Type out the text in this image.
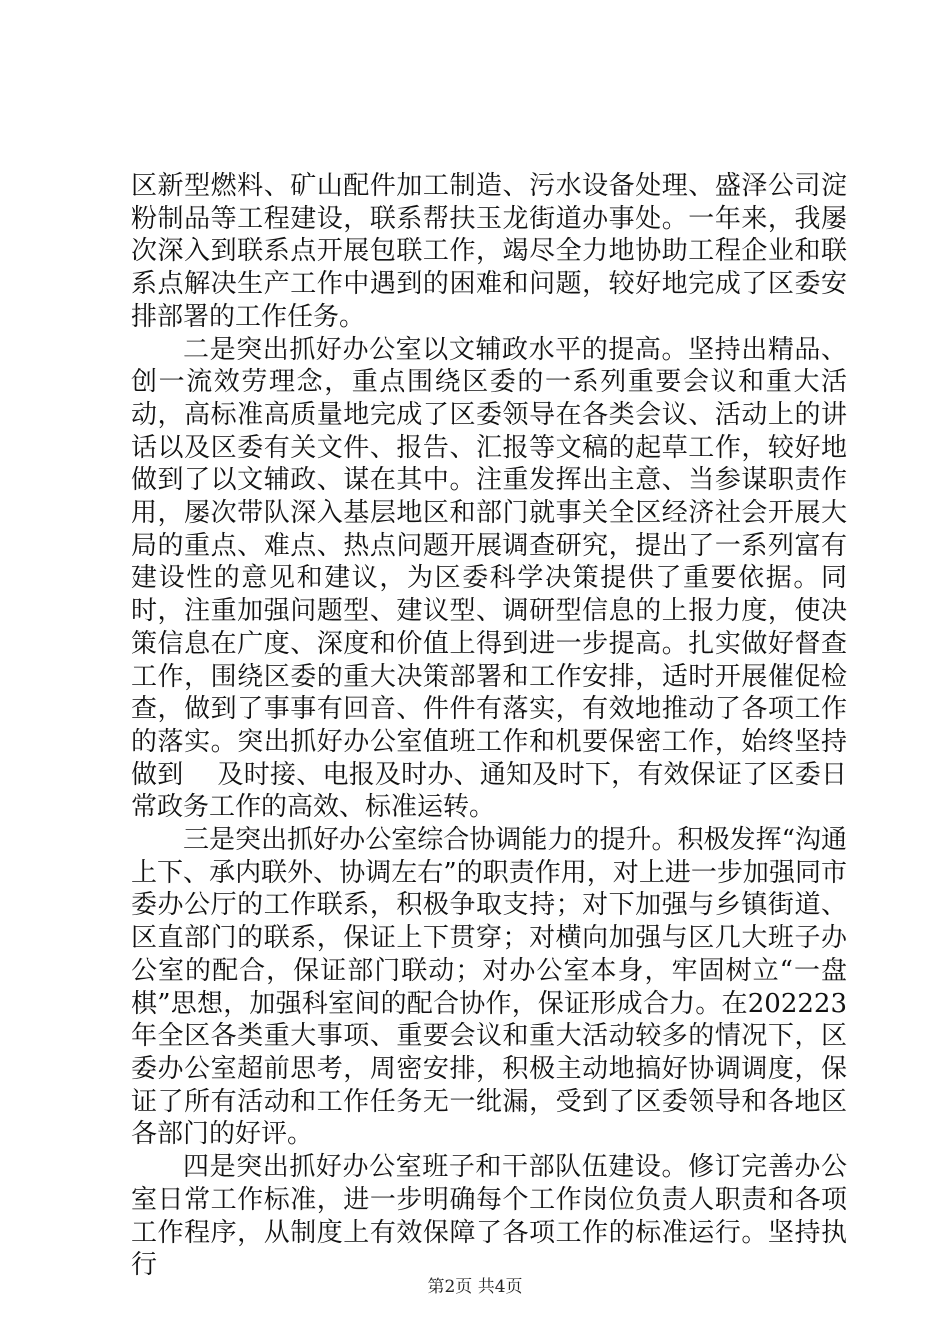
区新型燃料、矿山配件加工制造、污水设备处理、盛泽公司淀粉制品等工程建设，联系帮扶玉龙街道办事处。一年来，我屡次深入到联系点开展包联工作，竭尽全力地协助工程企业和联系点解决生产工作中遇到的困难和问题，较好地完成了区委安排部署的工作任务。

二是突出抓好办公室以文辅政水平的提高。坚持出精品、创一流效劳理念，重点围绕区委的一系列重要会议和重大活动，高标准高质量地完成了区委领导在各类会议、活动上的讲话以及区委有关文件、报告、汇报等文稿的起草工作，较好地做到了以文辅政、谋在其中。注重发挥出主意、当参谋职责作用，屡次带队深入基层地区和部门就事关全区经济社会开展大局的重点、难点、热点问题开展调查研究，提出了一系列富有建设性的意见和建议，为区委科学决策提供了重要依据。同时，注重加强问题型、建议型、调研型信息的上报力度，使决策信息在广度、深度和价值上得到进一步提高。扎实做好督查工作，围绕区委的重大决策部署和工作安排，适时开展催促检查，做到了事事有回音、件件有落实，有效地推动了各项工作的落实。突出抓好办公室值班工作和机要保密工作，始终坚持做到    及时接、电报及时办、通知及时下，有效保证了区委日常政务工作的高效、标准运转。

三是突出抓好办公室综合协调能力的提升。积极发挥“沟通上下、承内联外、协调左右”的职责作用，对上进一步加强同市委办公厅的工作联系，积极争取支持；对下加强与乡镇街道、区直部门的联系，保证上下贯穿；对横向加强与区几大班子办公室的配合，保证部门联动；对办公室本身，牢固树立“一盘棋”思想，加强科室间的配合协作，保证形成合力。在202223年全区各类重大事项、重要会议和重大活动较多的情况下，区委办公室超前思考，周密安排，积极主动地搞好协调调度，保证了所有活动和工作任务无一纰漏，受到了区委领导和各地区各部门的好评。

四是突出抓好办公室班子和干部队伍建设。修订完善办公室日常工作标准，进一步明确每个工作岗位负责人职责和各项工作程序，从制度上有效保障了各项工作的标准运行。坚持执行

第2页 共4页
